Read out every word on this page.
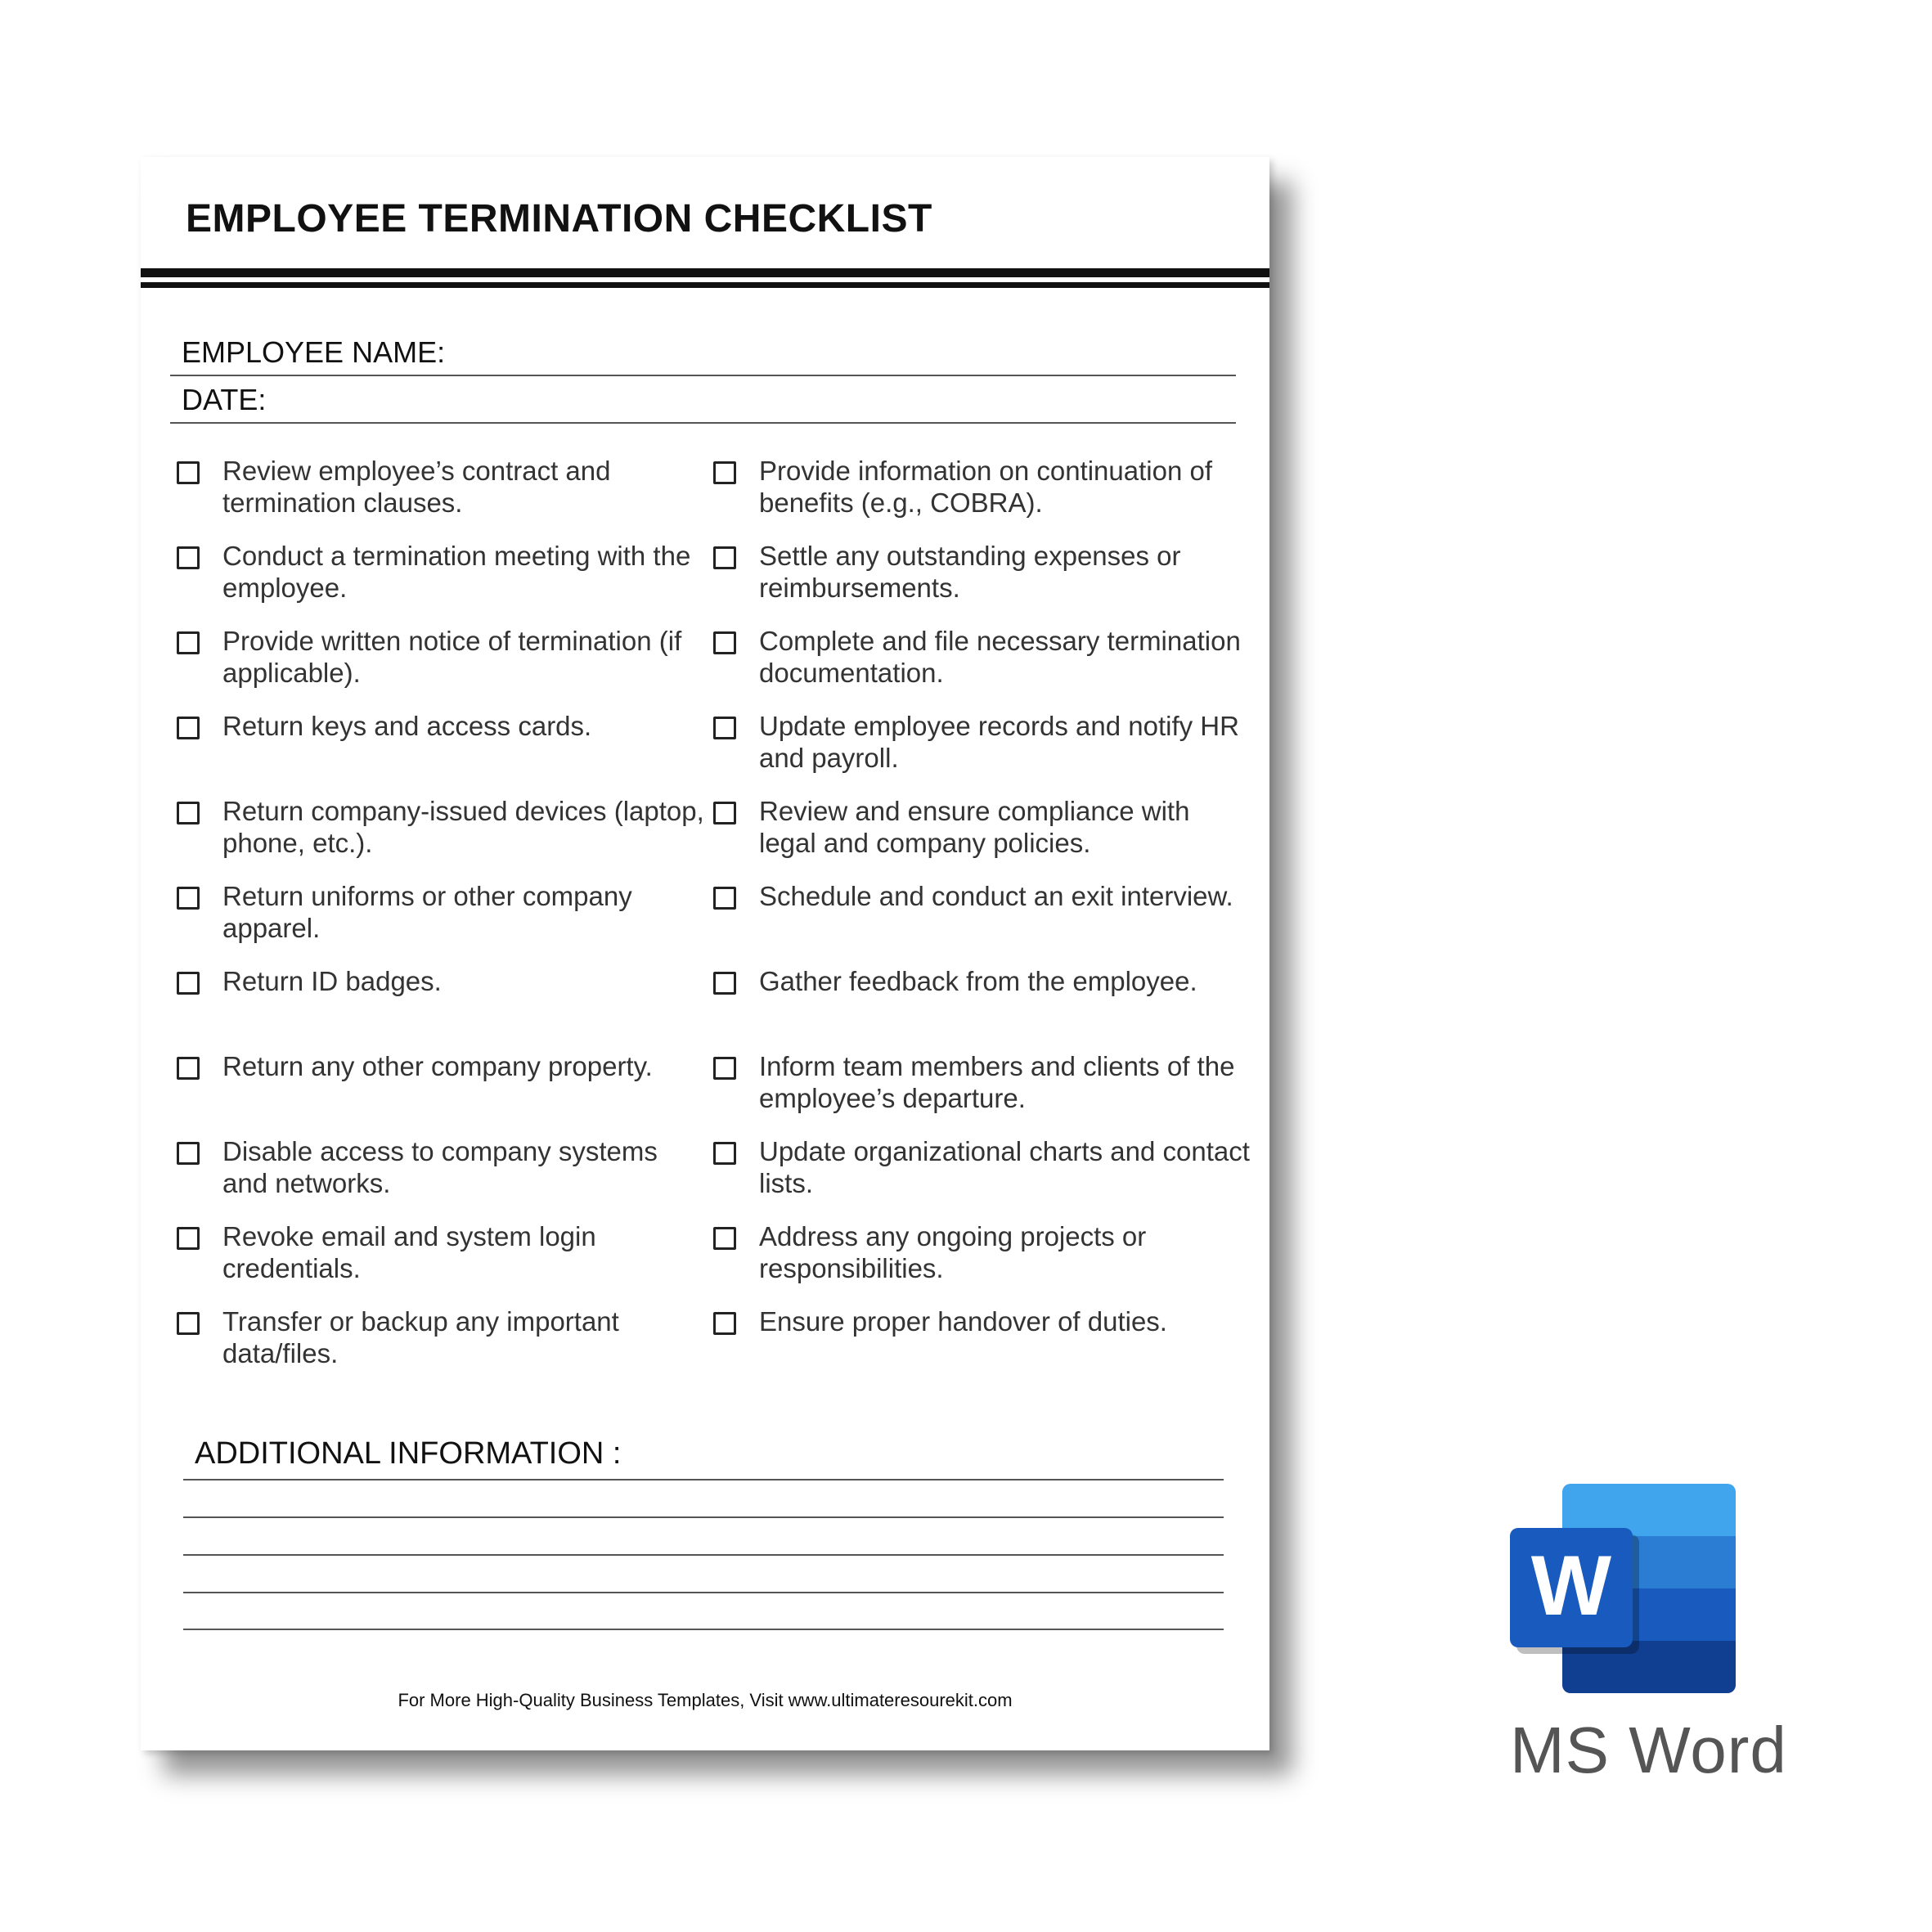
EMPLOYEE TERMINATION CHECKLIST
EMPLOYEE NAME:
DATE:
Review employee’s contract and termination clauses.
Conduct a termination meeting with the employee.
Provide written notice of termination (if applicable).
Return keys and access cards.
Return company-issued devices (laptop, phone, etc.).
Return uniforms or other company apparel.
Return ID badges.
Return any other company property.
Disable access to company systems and networks.
Revoke email and system login credentials.
Transfer or backup any important data/files.
Provide information on continuation of benefits (e.g., COBRA).
Settle any outstanding expenses or reimbursements.
Complete and file necessary termination documentation.
Update employee records and notify HR and payroll.
Review and ensure compliance with legal and company policies.
Schedule and conduct an exit interview.
Gather feedback from the employee.
Inform team members and clients of the employee’s departure.
Update organizational charts and contact lists.
Address any ongoing projects or responsibilities.
Ensure proper handover of duties.
ADDITIONAL INFORMATION :
For More High-Quality Business Templates, Visit www.ultimateresourekit.com
W
MS Word
